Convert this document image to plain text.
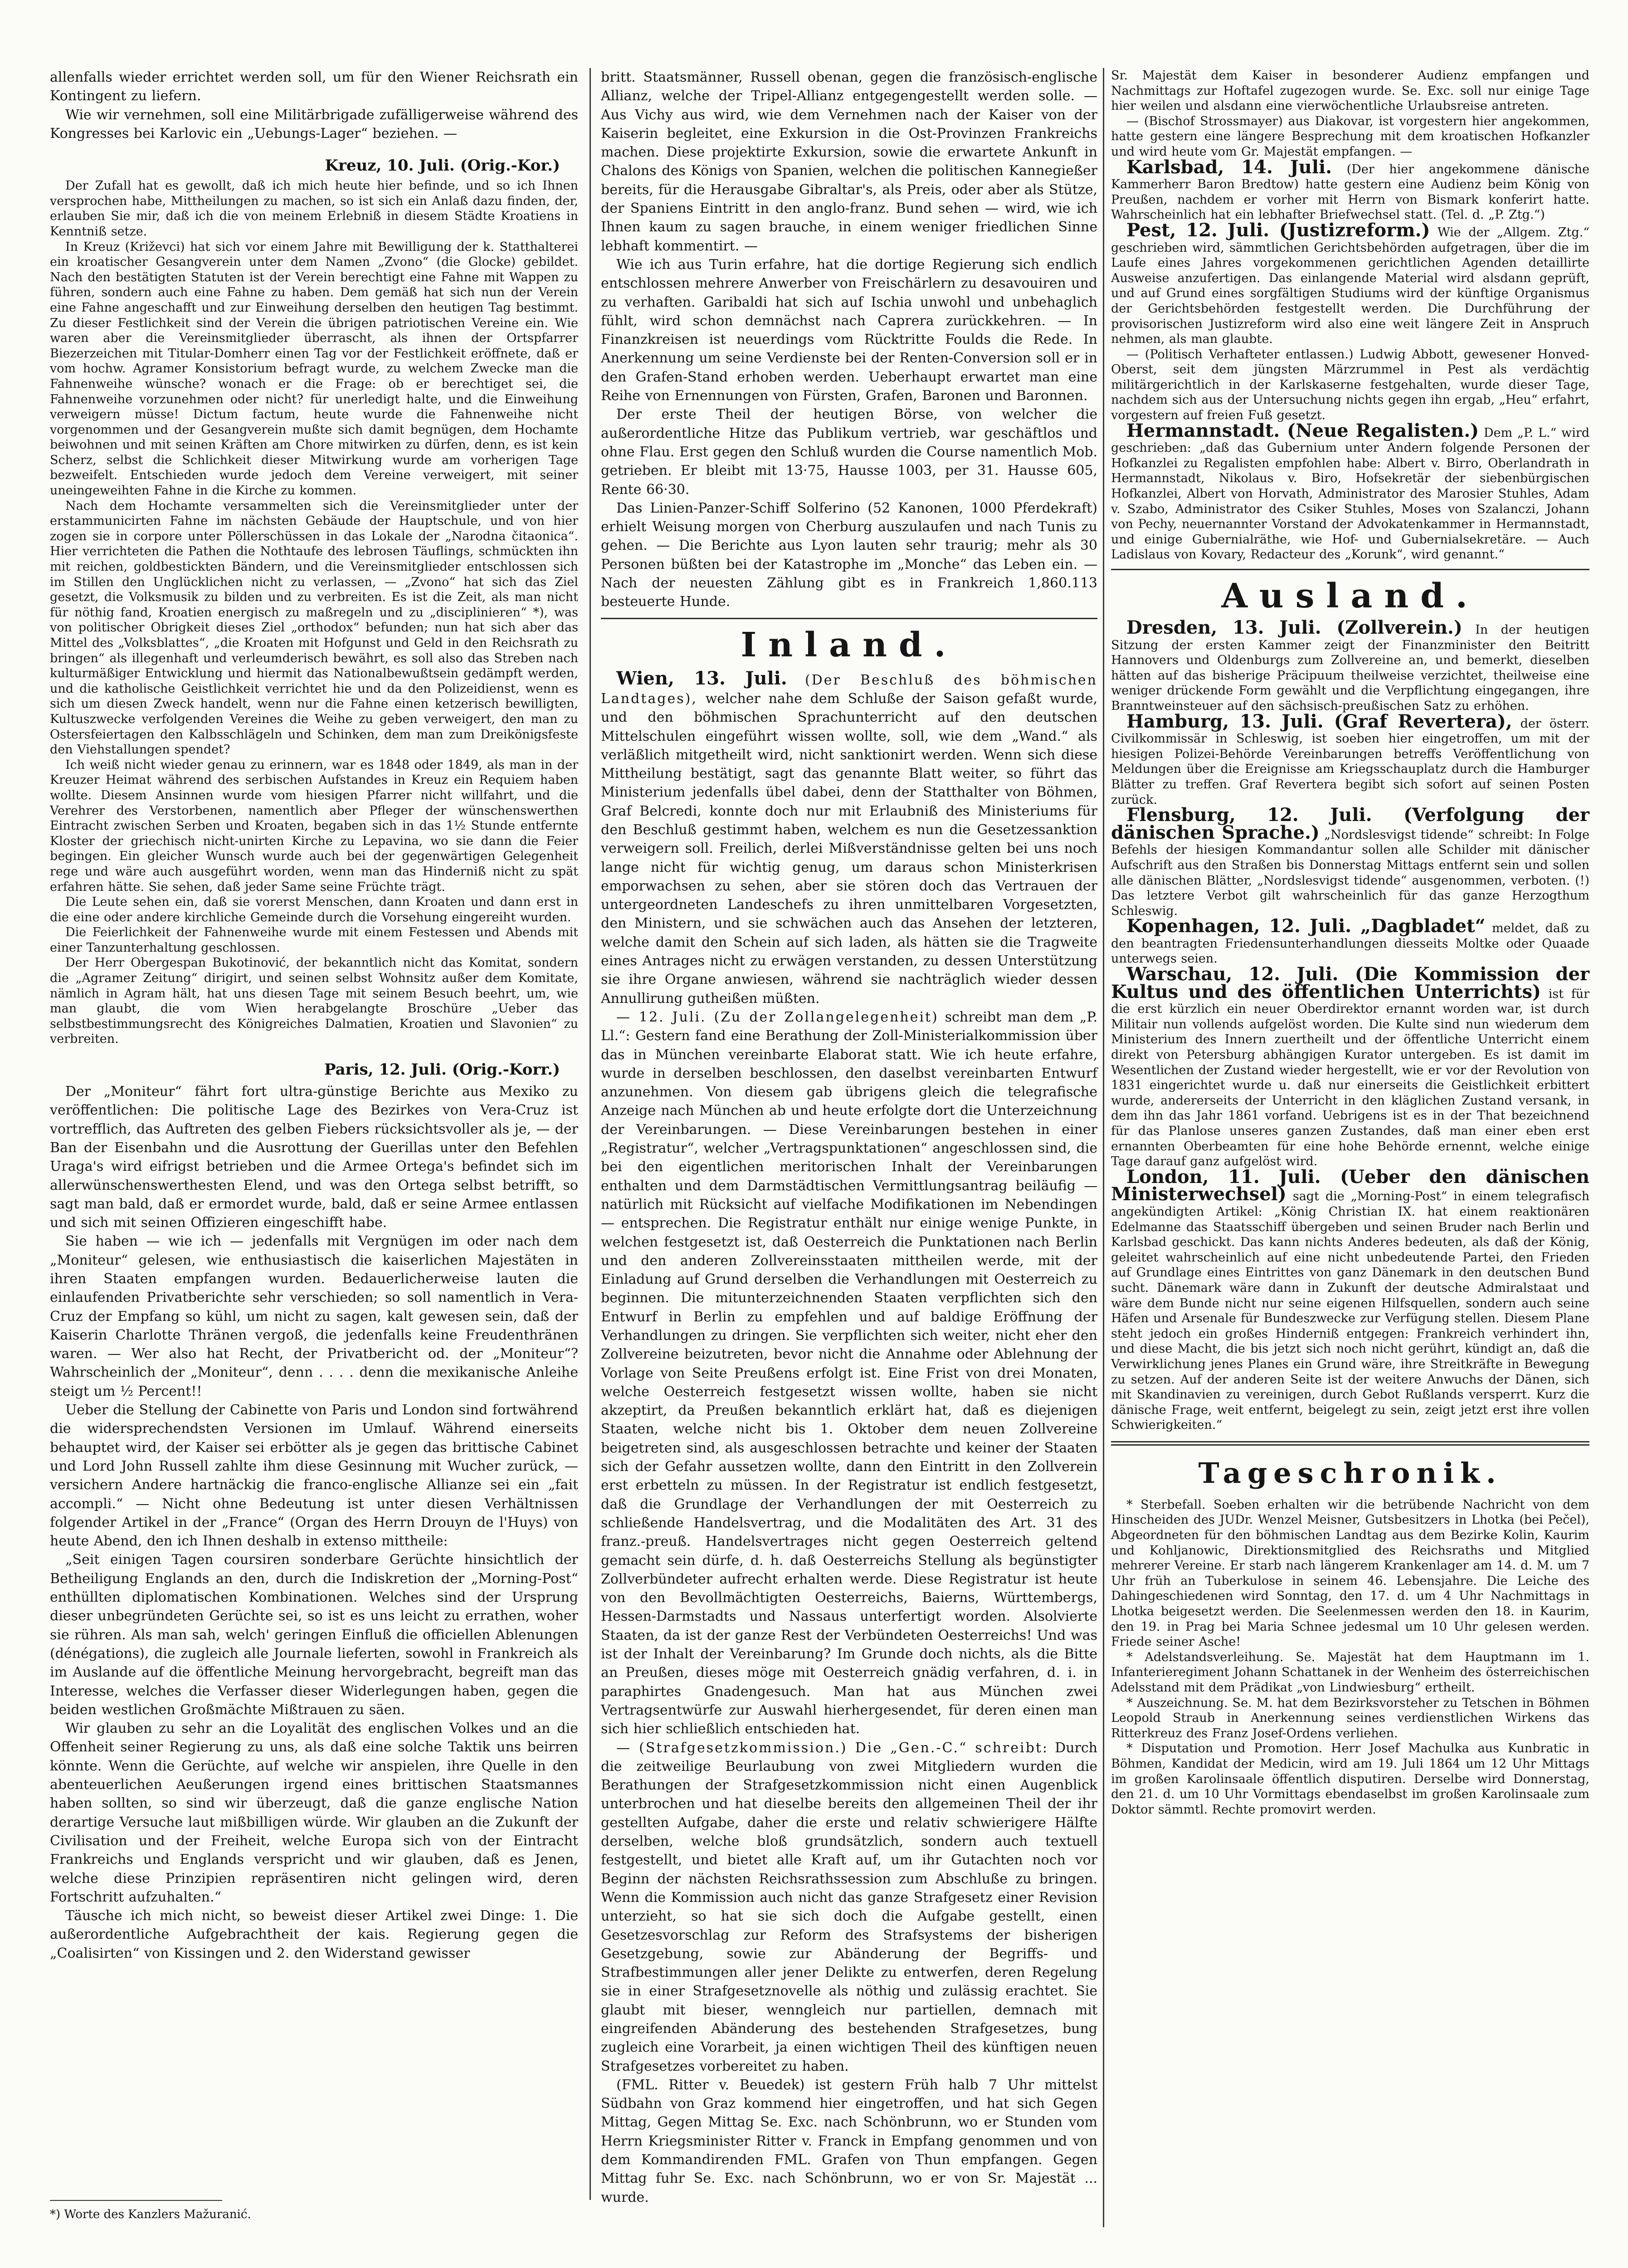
allenfalls wieder errichtet werden soll, um für den Wiener Reichsrath ein Kontingent zu liefern.

Wie wir vernehmen, soll eine Militärbrigade zufälligerweise während des Kongresses bei Karlovic ein „Uebungs-Lager“ beziehen. —

Kreuz, 10. Juli. (Orig.-Kor.)

Der Zufall hat es gewollt, daß ich mich heute hier befinde, und so ich Ihnen versprochen habe, Mittheilungen zu machen, so ist sich ein Anlaß dazu finden, der, erlauben Sie mir, daß ich die von meinem Erlebniß in diesem Städte Kroatiens in Kenntniß setze.

In Kreuz (Križevci) hat sich vor einem Jahre mit Bewilligung der k. Statthalterei ein kroatischer Gesangverein unter dem Namen „Zvono“ (die Glocke) gebildet. Nach den bestätigten Statuten ist der Verein berechtigt eine Fahne mit Wappen zu führen, sondern auch eine Fahne zu haben. Dem gemäß hat sich nun der Verein eine Fahne angeschafft und zur Einweihung derselben den heutigen Tag bestimmt. Zu dieser Festlichkeit sind der Verein die übrigen patriotischen Vereine ein. Wie waren aber die Vereinsmitglieder überrascht, als ihnen der Ortspfarrer Biezerzeichen mit Titular-Domherr einen Tag vor der Festlichkeit eröffnete, daß er vom hochw. Agramer Konsistorium befragt wurde, zu welchem Zwecke man die Fahnenweihe wünsche? wonach er die Frage: ob er berechtiget sei, die Fahnenweihe vorzunehmen oder nicht? für unerledigt halte, und die Einweihung verweigern müsse! Dictum factum, heute wurde die Fahnenweihe nicht vorgenommen und der Gesangverein mußte sich damit begnügen, dem Hochamte beiwohnen und mit seinen Kräften am Chore mitwirken zu dürfen, denn, es ist kein Scherz, selbst die Schlichkeit dieser Mitwirkung wurde am vorherigen Tage bezweifelt. Entschieden wurde jedoch dem Vereine verweigert, mit seiner uneingeweihten Fahne in die Kirche zu kommen.

Nach dem Hochamte versammelten sich die Vereinsmitglieder unter der erstammunicirten Fahne im nächsten Gebäude der Hauptschule, und von hier zogen sie in corpore unter Pöllerschüssen in das Lokale der „Narodna čitaonica“. Hier verrichteten die Pathen die Nothtaufe des lebrosen Täuflings, schmückten ihn mit reichen, goldbestickten Bändern, und die Vereinsmitglieder entschlossen sich im Stillen den Unglücklichen nicht zu verlassen, — „Zvono“ hat sich das Ziel gesetzt, die Volksmusik zu bilden und zu verbreiten. Es ist die Zeit, als man nicht für nöthig fand, Kroatien energisch zu maßregeln und zu „disciplinieren“ *), was von politischer Obrigkeit dieses Ziel „orthodox“ befunden; nun hat sich aber das Mittel des „Volksblattes“, „die Kroaten mit Hofgunst und Geld in den Reichsrath zu bringen“ als illegenhaft und verleumderisch bewährt, es soll also das Streben nach kulturmäßiger Entwicklung und hiermit das Nationalbewußtsein gedämpft werden, und die katholische Geistlichkeit verrichtet hie und da den Polizeidienst, wenn es sich um diesen Zweck handelt, wenn nur die Fahne einen ketzerisch bewilligten, Kultuszwecke verfolgenden Vereines die Weihe zu geben verweigert, den man zu Ostersfeiertagen den Kalbsschlägeln und Schinken, dem man zum Dreikönigsfeste den Viehstallungen spendet?

Ich weiß nicht wieder genau zu erinnern, war es 1848 oder 1849, als man in der Kreuzer Heimat während des serbischen Aufstandes in Kreuz ein Requiem haben wollte. Diesem Ansinnen wurde vom hiesigen Pfarrer nicht willfahrt, und die Verehrer des Verstorbenen, namentlich aber Pfleger der wünschenswerthen Eintracht zwischen Serben und Kroaten, begaben sich in das 1½ Stunde entfernte Kloster der griechisch nicht-unirten Kirche zu Lepavina, wo sie dann die Feier begingen. Ein gleicher Wunsch wurde auch bei der gegenwärtigen Gelegenheit rege und wäre auch ausgeführt worden, wenn man das Hinderniß nicht zu spät erfahren hätte. Sie sehen, daß jeder Same seine Früchte trägt.

Die Leute sehen ein, daß sie vorerst Menschen, dann Kroaten und dann erst in die eine oder andere kirchliche Gemeinde durch die Vorsehung eingereiht wurden.

Die Feierlichkeit der Fahnenweihe wurde mit einem Festessen und Abends mit einer Tanzunterhaltung geschlossen.

Der Herr Obergespan Bukotinović, der bekanntlich nicht das Komitat, sondern die „Agramer Zeitung“ dirigirt, und seinen selbst Wohnsitz außer dem Komitate, nämlich in Agram hält, hat uns diesen Tage mit seinem Besuch beehrt, um, wie man glaubt, die vom Wien herabgelangte Broschüre „Ueber das selbstbestimmungsrecht des Königreiches Dalmatien, Kroatien und Slavonien“ zu verbreiten.

Paris, 12. Juli. (Orig.-Korr.)

Der „Moniteur“ fährt fort ultra-günstige Berichte aus Mexiko zu veröffentlichen: Die politische Lage des Bezirkes von Vera-Cruz ist vortrefflich, das Auftreten des gelben Fiebers rücksichtsvoller als je, — der Ban der Eisenbahn und die Ausrottung der Guerillas unter den Befehlen Uraga's wird eifrigst betrieben und die Armee Ortega's befindet sich im allerwünschenswerthesten Elend, und was den Ortega selbst betrifft, so sagt man bald, daß er ermordet wurde, bald, daß er seine Armee entlassen und sich mit seinen Offizieren eingeschifft habe.

Sie haben — wie ich — jedenfalls mit Vergnügen im oder nach dem „Moniteur“ gelesen, wie enthusiastisch die kaiserlichen Majestäten in ihren Staaten empfangen wurden. Bedauerlicherweise lauten die einlaufenden Privatberichte sehr verschieden; so soll namentlich in Vera-Cruz der Empfang so kühl, um nicht zu sagen, kalt gewesen sein, daß der Kaiserin Charlotte Thränen vergoß, die jedenfalls keine Freudenthränen waren. — Wer also hat Recht, der Privatbericht od. der „Moniteur“? Wahrscheinlich der „Moniteur“, denn . . . . denn die mexikanische Anleihe steigt um ½ Percent!!

Ueber die Stellung der Cabinette von Paris und London sind fortwährend die widersprechendsten Versionen im Umlauf. Während einerseits behauptet wird, der Kaiser sei erbötter als je gegen das brittische Cabinet und Lord John Russell zahlte ihm diese Gesinnung mit Wucher zurück, — versichern Andere hartnäckig die franco-englische Allianze sei ein „fait accompli.“ — Nicht ohne Bedeutung ist unter diesen Verhältnissen folgender Artikel in der „France“ (Organ des Herrn Drouyn de l'Huys) von heute Abend, den ich Ihnen deshalb in extenso mittheile:

„Seit einigen Tagen coursiren sonderbare Gerüchte hinsichtlich der Betheiligung Englands an den, durch die Indiskretion der „Morning-Post“ enthüllten diplomatischen Kombinationen. Welches sind der Ursprung dieser unbegründeten Gerüchte sei, so ist es uns leicht zu errathen, woher sie rühren. Als man sah, welch' geringen Einfluß die officiellen Ablenungen (dénégations), die zugleich alle Journale lieferten, sowohl in Frankreich als im Auslande auf die öffentliche Meinung hervorgebracht, begreift man das Interesse, welches die Verfasser dieser Widerlegungen haben, gegen die beiden westlichen Großmächte Mißtrauen zu säen.

Wir glauben zu sehr an die Loyalität des englischen Volkes und an die Offenheit seiner Regierung zu uns, als daß eine solche Taktik uns beirren könnte. Wenn die Gerüchte, auf welche wir anspielen, ihre Quelle in den abenteuerlichen Aeußerungen irgend eines brittischen Staatsmannes haben sollten, so sind wir überzeugt, daß die ganze englische Nation derartige Versuche laut mißbilligen würde. Wir glauben an die Zukunft der Civilisation und der Freiheit, welche Europa sich von der Eintracht Frankreichs und Englands verspricht und wir glauben, daß es Jenen, welche diese Prinzipien repräsentiren nicht gelingen wird, deren Fortschritt aufzuhalten.“

Täusche ich mich nicht, so beweist dieser Artikel zwei Dinge: 1. Die außerordentliche Aufgebrachtheit der kais. Regierung gegen die „Coalisirten“ von Kissingen und 2. den Widerstand gewisser

*) Worte des Kanzlers Mažuranić.

britt. Staatsmänner, Russell obenan, gegen die französisch-englische Allianz, welche der Tripel-Allianz entgegengestellt werden solle. — Aus Vichy aus wird, wie dem Vernehmen nach der Kaiser von der Kaiserin begleitet, eine Exkursion in die Ost-Provinzen Frankreichs machen. Diese projektirte Exkursion, sowie die erwartete Ankunft in Chalons des Königs von Spanien, welchen die politischen Kannegießer bereits, für die Herausgabe Gibraltar's, als Preis, oder aber als Stütze, der Spaniens Eintritt in den anglo-franz. Bund sehen — wird, wie ich Ihnen kaum zu sagen brauche, in einem weniger friedlichen Sinne lebhaft kommentirt. —

Wie ich aus Turin erfahre, hat die dortige Regierung sich endlich entschlossen mehrere Anwerber von Freischärlern zu desavouiren und zu verhaften. Garibaldi hat sich auf Ischia unwohl und unbehaglich fühlt, wird schon demnächst nach Caprera zurückkehren. — In Finanzkreisen ist neuerdings vom Rücktritte Foulds die Rede. In Anerkennung um seine Verdienste bei der Renten-Conversion soll er in den Grafen-Stand erhoben werden. Ueberhaupt erwartet man eine Reihe von Ernennungen von Fürsten, Grafen, Baronen und Baronnen.

Der erste Theil der heutigen Börse, von welcher die außerordentliche Hitze das Publikum vertrieb, war geschäftlos und ohne Flau. Erst gegen den Schluß wurden die Course namentlich Mob. getrieben. Er bleibt mit 13·75, Hausse 1003, per 31. Hausse 605, Rente 66·30.

Das Linien-Panzer-Schiff Solferino (52 Kanonen, 1000 Pferdekraft) erhielt Weisung morgen von Cherburg auszulaufen und nach Tunis zu gehen. — Die Berichte aus Lyon lauten sehr traurig; mehr als 30 Personen büßten bei der Katastrophe im „Monche“ das Leben ein. — Nach der neuesten Zählung gibt es in Frankreich 1,860.113 besteuerte Hunde.

Inland.

Wien, 13. Juli. (Der Beschluß des böhmischen Landtages), welcher nahe dem Schluße der Saison gefaßt wurde, und den böhmischen Sprachunterricht auf den deutschen Mittelschulen eingeführt wissen wollte, soll, wie dem „Wand.“ als verläßlich mitgetheilt wird, nicht sanktionirt werden. Wenn sich diese Mittheilung bestätigt, sagt das genannte Blatt weiter, so führt das Ministerium jedenfalls übel dabei, denn der Statthalter von Böhmen, Graf Belcredi, konnte doch nur mit Erlaubniß des Ministeriums für den Beschluß gestimmt haben, welchem es nun die Gesetzessanktion verweigern soll. Freilich, derlei Mißverständnisse gelten bei uns noch lange nicht für wichtig genug, um daraus schon Ministerkrisen emporwachsen zu sehen, aber sie stören doch das Vertrauen der untergeordneten Landeschefs zu ihren unmittelbaren Vorgesetzten, den Ministern, und sie schwächen auch das Ansehen der letzteren, welche damit den Schein auf sich laden, als hätten sie die Tragweite eines Antrages nicht zu erwägen verstanden, zu dessen Unterstützung sie ihre Organe anwiesen, während sie nachträglich wieder dessen Annullirung gutheißen müßten.

— 12. Juli. (Zu der Zollangelegenheit) schreibt man dem „P. Ll.“: Gestern fand eine Berathung der Zoll-Ministerialkommission über das in München vereinbarte Elaborat statt. Wie ich heute erfahre, wurde in derselben beschlossen, den daselbst vereinbarten Entwurf anzunehmen. Von diesem gab übrigens gleich die telegrafische Anzeige nach München ab und heute erfolgte dort die Unterzeichnung der Vereinbarungen. — Diese Vereinbarungen bestehen in einer „Registratur“, welcher „Vertragspunktationen“ angeschlossen sind, die bei den eigentlichen meritorischen Inhalt der Vereinbarungen enthalten und dem Darmstädtischen Vermittlungsantrag beiläufig — natürlich mit Rücksicht auf vielfache Modifikationen im Nebendingen — entsprechen. Die Registratur enthält nur einige wenige Punkte, in welchen festgesetzt ist, daß Oesterreich die Punktationen nach Berlin und den anderen Zollvereinsstaaten mittheilen werde, mit der Einladung auf Grund derselben die Verhandlungen mit Oesterreich zu beginnen. Die mitunterzeichnenden Staaten verpflichten sich den Entwurf in Berlin zu empfehlen und auf baldige Eröffnung der Verhandlungen zu dringen. Sie verpflichten sich weiter, nicht eher den Zollvereine beizutreten, bevor nicht die Annahme oder Ablehnung der Vorlage von Seite Preußens erfolgt ist. Eine Frist von drei Monaten, welche Oesterreich festgesetzt wissen wollte, haben sie nicht akzeptirt, da Preußen bekanntlich erklärt hat, daß es diejenigen Staaten, welche nicht bis 1. Oktober dem neuen Zollvereine beigetreten sind, als ausgeschlossen betrachte und keiner der Staaten sich der Gefahr aussetzen wollte, dann den Eintritt in den Zollverein erst erbetteln zu müssen. In der Registratur ist endlich festgesetzt, daß die Grundlage der Verhandlungen der mit Oesterreich zu schließende Handelsvertrag, und die Modalitäten des Art. 31 des franz.-preuß. Handelsvertrages nicht gegen Oesterreich geltend gemacht sein dürfe, d. h. daß Oesterreichs Stellung als begünstigter Zollverbündeter aufrecht erhalten werde. Diese Registratur ist heute von den Bevollmächtigten Oesterreichs, Baierns, Württembergs, Hessen-Darmstadts und Nassaus unterfertigt worden. Alsolvierte Staaten, da ist der ganze Rest der Verbündeten Oesterreichs! Und was ist der Inhalt der Vereinbarung? Im Grunde doch nichts, als die Bitte an Preußen, dieses möge mit Oesterreich gnädig verfahren, d. i. in paraphirtes Gnadengesuch. Man hat aus München zwei Vertragsentwürfe zur Auswahl hierhergesendet, für deren einen man sich hier schließlich entschieden hat.

— (Strafgesetzkommission.) Die „Gen.-C.“ schreibt: Durch die zeitweilige Beurlaubung von zwei Mitgliedern wurden die Berathungen der Strafgesetzkommission nicht einen Augenblick unterbrochen und hat dieselbe bereits den allgemeinen Theil der ihr gestellten Aufgabe, daher die erste und relativ schwierigere Hälfte derselben, welche bloß grundsätzlich, sondern auch textuell festgestellt, und bietet alle Kraft auf, um ihr Gutachten noch vor Beginn der nächsten Reichsrathssession zum Abschluße zu bringen. Wenn die Kommission auch nicht das ganze Strafgesetz einer Revision unterzieht, so hat sie sich doch die Aufgabe gestellt, einen Gesetzesvorschlag zur Reform des Strafsystems der bisherigen Gesetzgebung, sowie zur Abänderung der Begriffs- und Strafbestimmungen aller jener Delikte zu entwerfen, deren Regelung sie in einer Strafgesetznovelle als nöthig und zulässig erachtet. Sie glaubt mit bieser, wenngleich nur partiellen, demnach mit eingreifenden Abänderung des bestehenden Strafgesetzes, bung zugleich eine Vorarbeit, ja einen wichtigen Theil des künftigen neuen Strafgesetzes vorbereitet zu haben.

(FML. Ritter v. Beuedek) ist gestern Früh halb 7 Uhr mittelst Südbahn von Graz kommend hier eingetroffen, und hat sich Gegen Mittag, Gegen Mittag Se. Exc. nach Schönbrunn, wo er Stunden vom Herrn Kriegsminister Ritter v. Franck in Empfang genommen und von dem Kommandirenden FML. Grafen von Thun empfangen. Gegen Mittag fuhr Se. Exc. nach Schönbrunn, wo er von Sr. Majestät ... wurde.

Sr. Majestät dem Kaiser in besonderer Audienz empfangen und Nachmittags zur Hoftafel zugezogen wurde. Se. Exc. soll nur einige Tage hier weilen und alsdann eine vierwöchentliche Urlaubsreise antreten.

— (Bischof Strossmayer) aus Diakovar, ist vorgestern hier angekommen, hatte gestern eine längere Besprechung mit dem kroatischen Hofkanzler und wird heute vom Gr. Majestät empfangen. —

Karlsbad, 14. Juli. (Der hier angekommene dänische Kammerherr Baron Bredtow) hatte gestern eine Audienz beim König von Preußen, nachdem er vorher mit Herrn von Bismark konferirt hatte. Wahrscheinlich hat ein lebhafter Briefwechsel statt. (Tel. d. „P. Ztg.“)

Pest, 12. Juli. (Justizreform.) Wie der „Allgem. Ztg.“ geschrieben wird, sämmtlichen Gerichtsbehörden aufgetragen, über die im Laufe eines Jahres vorgekommenen gerichtlichen Agenden detaillirte Ausweise anzufertigen. Das einlangende Material wird alsdann geprüft, und auf Grund eines sorgfältigen Studiums wird der künftige Organismus der Gerichtsbehörden festgestellt werden. Die Durchführung der provisorischen Justizreform wird also eine weit längere Zeit in Anspruch nehmen, als man glaubte.

— (Politisch Verhafteter entlassen.) Ludwig Abbott, gewesener Honved-Oberst, seit dem jüngsten Märzrummel in Pest als verdächtig militärgerichtlich in der Karlskaserne festgehalten, wurde dieser Tage, nachdem sich aus der Untersuchung nichts gegen ihn ergab, „Heu“ erfahrt, vorgestern auf freien Fuß gesetzt.

Hermannstadt. (Neue Regalisten.) Dem „P. L.“ wird geschrieben: „daß das Gubernium unter Andern folgende Personen der Hofkanzlei zu Regalisten empfohlen habe: Albert v. Birro, Oberlandrath in Hermannstadt, Nikolaus v. Biro, Hofsekretär der siebenbürgischen Hofkanzlei, Albert von Horvath, Administrator des Marosier Stuhles, Adam v. Szabo, Administrator des Csiker Stuhles, Moses von Szalanczi, Johann von Pechy, neuernannter Vorstand der Advokatenkammer in Hermannstadt, und einige Gubernialräthe, wie Hof- und Gubernialsekretäre. — Auch Ladislaus von Kovary, Redacteur des „Korunk“, wird genannt.“

Ausland.

Dresden, 13. Juli. (Zollverein.) In der heutigen Sitzung der ersten Kammer zeigt der Finanzminister den Beitritt Hannovers und Oldenburgs zum Zollvereine an, und bemerkt, dieselben hätten auf das bisherige Präcipuum theilweise verzichtet, theilweise eine weniger drückende Form gewählt und die Verpflichtung eingegangen, ihre Branntweinsteuer auf den sächsisch-preußischen Satz zu erhöhen.

Hamburg, 13. Juli. (Graf Revertera), der österr. Civilkommissär in Schleswig, ist soeben hier eingetroffen, um mit der hiesigen Polizei-Behörde Vereinbarungen betreffs Veröffentlichung von Meldungen über die Ereignisse am Kriegsschauplatz durch die Hamburger Blätter zu treffen. Graf Revertera begibt sich sofort auf seinen Posten zurück.

Flensburg, 12. Juli. (Verfolgung der dänischen Sprache.) „Nordslesvigst tidende“ schreibt: In Folge Befehls der hiesigen Kommandantur sollen alle Schilder mit dänischer Aufschrift aus den Straßen bis Donnerstag Mittags entfernt sein und sollen alle dänischen Blätter, „Nordslesvigst tidende“ ausgenommen, verboten. (!) Das letztere Verbot gilt wahrscheinlich für das ganze Herzogthum Schleswig.

Kopenhagen, 12. Juli. „Dagbladet“ meldet, daß zu den beantragten Friedensunterhandlungen diesseits Moltke oder Quaade unterwegs seien.

Warschau, 12. Juli. (Die Kommission der Kultus und des öffentlichen Unterrichts) ist für die erst kürzlich ein neuer Oberdirektor ernannt worden war, ist durch Militair nun vollends aufgelöst worden. Die Kulte sind nun wiederum dem Ministerium des Innern zuertheilt und der öffentliche Unterricht einem direkt von Petersburg abhängigen Kurator untergeben. Es ist damit im Wesentlichen der Zustand wieder hergestellt, wie er vor der Revolution von 1831 eingerichtet wurde u. daß nur einerseits die Geistlichkeit erbittert wurde, andererseits der Unterricht in den kläglichen Zustand versank, in dem ihn das Jahr 1861 vorfand. Uebrigens ist es in der That bezeichnend für das Planlose unseres ganzen Zustandes, daß man einer eben erst ernannten Oberbeamten für eine hohe Behörde ernennt, welche einige Tage darauf ganz aufgelöst wird.

London, 11. Juli. (Ueber den dänischen Ministerwechsel) sagt die „Morning-Post“ in einem telegrafisch angekündigten Artikel: „König Christian IX. hat einem reaktionären Edelmanne das Staatsschiff übergeben und seinen Bruder nach Berlin und Karlsbad geschickt. Das kann nichts Anderes bedeuten, als daß der König, geleitet wahrscheinlich auf eine nicht unbedeutende Partei, den Frieden auf Grundlage eines Eintrittes von ganz Dänemark in den deutschen Bund sucht. Dänemark wäre dann in Zukunft der deutsche Admiralstaat und wäre dem Bunde nicht nur seine eigenen Hilfsquellen, sondern auch seine Häfen und Arsenale für Bundeszwecke zur Verfügung stellen. Diesem Plane steht jedoch ein großes Hinderniß entgegen: Frankreich verhindert ihn, und diese Macht, die bis jetzt sich noch nicht gerührt, kündigt an, daß die Verwirklichung jenes Planes ein Grund wäre, ihre Streitkräfte in Bewegung zu setzen. Auf der anderen Seite ist der weitere Anwuchs der Dänen, sich mit Skandinavien zu vereinigen, durch Gebot Rußlands versperrt. Kurz die dänische Frage, weit entfernt, beigelegt zu sein, zeigt jetzt erst ihre vollen Schwierigkeiten.“

Tageschronik.

* Sterbefall. Soeben erhalten wir die betrübende Nachricht von dem Hinscheiden des JUDr. Wenzel Meisner, Gutsbesitzers in Lhotka (bei Pečel), Abgeordneten für den böhmischen Landtag aus dem Bezirke Kolin, Kaurim und Kohljanowic, Direktionsmitglied des Reichsraths und Mitglied mehrerer Vereine. Er starb nach längerem Krankenlager am 14. d. M. um 7 Uhr früh an Tuberkulose in seinem 46. Lebensjahre. Die Leiche des Dahingeschiedenen wird Sonntag, den 17. d. um 4 Uhr Nachmittags in Lhotka beigesetzt werden. Die Seelenmessen werden den 18. in Kaurim, den 19. in Prag bei Maria Schnee jedesmal um 10 Uhr gelesen werden. Friede seiner Asche!

* Adelstandsverleihung. Se. Majestät hat dem Hauptmann im 1. Infanterieregiment Johann Schattanek in der Wenheim des österreichischen Adelsstand mit dem Prädikat „von Lindwiesburg“ ertheilt.

* Auszeichnung. Se. M. hat dem Bezirksvorsteher zu Tetschen in Böhmen Leopold Straub in Anerkennung seines verdienstlichen Wirkens das Ritterkreuz des Franz Josef-Ordens verliehen.

* Disputation und Promotion. Herr Josef Machulka aus Kunbratic in Böhmen, Kandidat der Medicin, wird am 19. Juli 1864 um 12 Uhr Mittags im großen Karolinsaale öffentlich disputiren. Derselbe wird Donnerstag, den 21. d. um 10 Uhr Vormittags ebendaselbst im großen Karolinsaale zum Doktor sämmtl. Rechte promovirt werden.
